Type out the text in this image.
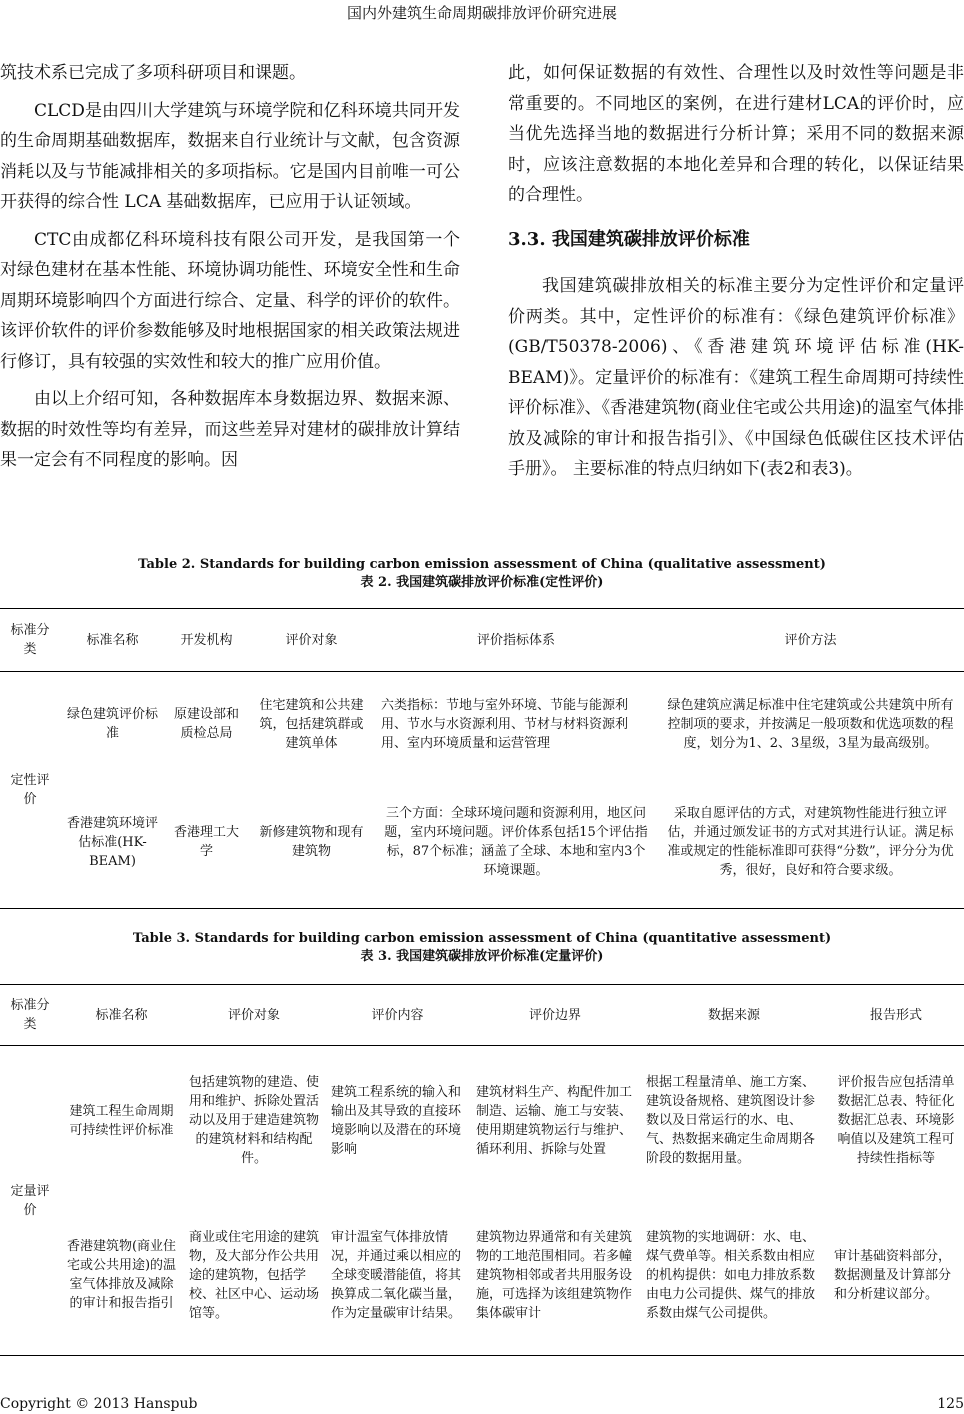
国内外建筑生命周期碳排放评价研究进展

筑技术系已完成了多项科研项目和课题。

CLCD是由四川大学建筑与环境学院和亿科环境共同开发的生命周期基础数据库，数据来自行业统计与文献，包含资源消耗以及与节能减排相关的多项指标。它是国内目前唯一可公开获得的综合性 LCA 基础数据库，已应用于认证领域。

CTC由成都亿科环境科技有限公司开发，是我国第一个对绿色建材在基本性能、环境协调功能性、环境安全性和生命周期环境影响四个方面进行综合、定量、科学的评价的软件。该评价软件的评价参数能够及时地根据国家的相关政策法规进行修订，具有较强的实效性和较大的推广应用价值。

由以上介绍可知，各种数据库本身数据边界、数据来源、数据的时效性等均有差异，而这些差异对建材的碳排放计算结果一定会有不同程度的影响。因

此，如何保证数据的有效性、合理性以及时效性等问题是非常重要的。不同地区的案例，在进行建材LCA的评价时，应当优先选择当地的数据进行分析计算；采用不同的数据来源时，应该注意数据的本地化差异和合理的转化，以保证结果的合理性。

3.3. 我国建筑碳排放评价标准

我国建筑碳排放相关的标准主要分为定性评价和定量评价两类。其中，定性评价的标准有：《绿色建筑评价标准》(GB/T50378-2006)、《香港建筑环境评估标准(HK-BEAM)》。定量评价的标准有：《建筑工程生命周期可持续性评价标准》、《香港建筑物(商业住宅或公共用途)的温室气体排放及减除的审计和报告指引》、《中国绿色低碳住区技术评估手册》。 主要标准的特点归纳如下(表2和表3)。

Table 2. Standards for building carbon emission assessment of China (qualitative assessment)
表 2. 我国建筑碳排放评价标准(定性评价)
标准分类	标准名称	开发机构	评价对象	评价指标体系	评价方法
定性评价	绿色建筑评价标准	原建设部和质检总局	住宅建筑和公共建筑，包括建筑群或建筑单体	六类指标：节地与室外环境、节能与能源利用、节水与水资源利用、节材与材料资源利用、室内环境质量和运营管理	绿色建筑应满足标准中住宅建筑或公共建筑中所有控制项的要求，并按满足一般项数和优选项数的程度，划分为1、2、3星级，3星为最高级别。
	香港建筑环境评估标准(HK-BEAM)	香港理工大学	新修建筑物和现有建筑物	三个方面：全球环境问题和资源利用，地区问题，室内环境问题。评价体系包括15个评估指标，87个标准；涵盖了全球、本地和室内3个环境课题。	采取自愿评估的方式，对建筑物性能进行独立评估，并通过颁发证书的方式对其进行认证。满足标准或规定的性能标准即可获得“分数”，评分分为优秀，很好，良好和符合要求级。
Table 3. Standards for building carbon emission assessment of China (quantitative assessment)
表 3. 我国建筑碳排放评价标准(定量评价)
标准分类	标准名称	评价对象	评价内容	评价边界	数据来源	报告形式
定量评价	建筑工程生命周期可持续性评价标准	包括建筑物的建造、使用和维护、拆除处置活动以及用于建造建筑物的建筑材料和结构配件。	建筑工程系统的输入和输出及其导致的直接环境影响以及潜在的环境影响	建筑材料生产、构配件加工制造、运输、施工与安装、使用期建筑物运行与维护、循环利用、拆除与处置	根据工程量清单、施工方案、建筑设备规格、建筑图设计参数以及日常运行的水、电、气、热数据来确定生命周期各阶段的数据用量。	评价报告应包括清单数据汇总表、特征化数据汇总表、环境影响值以及建筑工程可持续性指标等
	香港建筑物(商业住宅或公共用途)的温室气体排放及减除的审计和报告指引	商业或住宅用途的建筑物，及大部分作公共用途的建筑物，包括学校、社区中心、运动场馆等。	审计温室气体排放情况，并通过乘以相应的全球变暖潜能值，将其换算成二氧化碳当量，作为定量碳审计结果。	建筑物边界通常和有关建筑物的工地范围相同。若多幢建筑物相邻或者共用服务设施，可选择为该组建筑物作集体碳审计	建筑物的实地调研：水、电、煤气费单等。相关系数由相应的机构提供：如电力排放系数由电力公司提供、煤气的排放系数由煤气公司提供。	审计基础资料部分，数据测量及计算部分和分析建议部分。
Copyright © 2013 Hanspub	125
